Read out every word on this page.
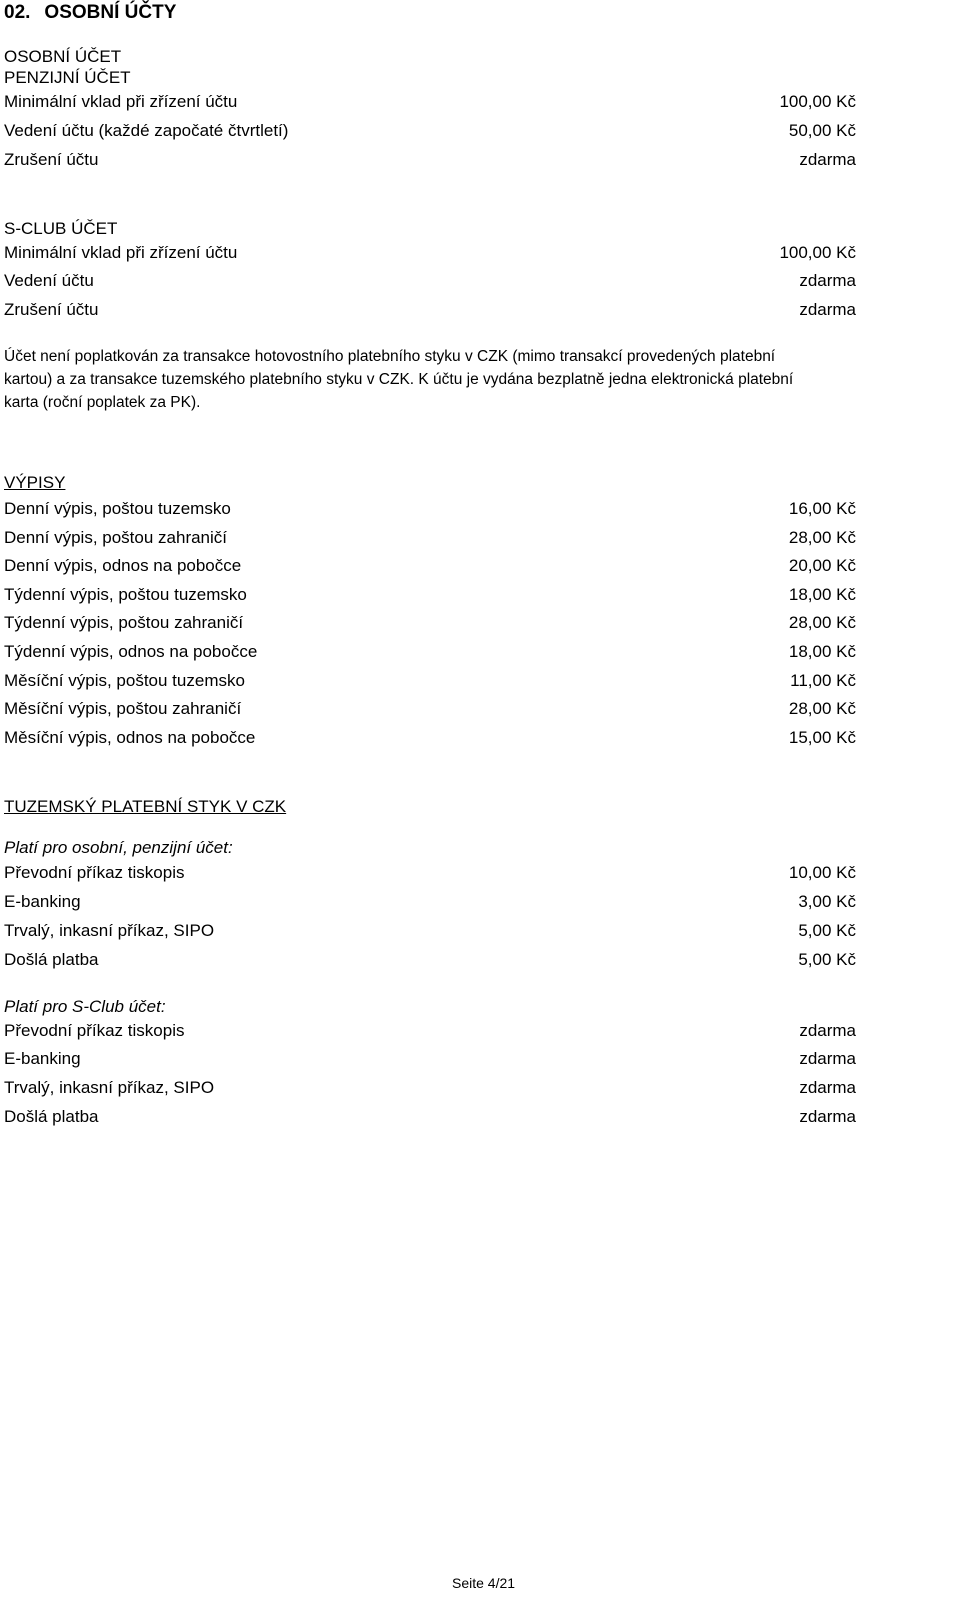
02. OSOBNÍ ÚČTY
OSOBNÍ ÚČET
PENZIJNÍ ÚČET
Minimální vklad při zřízení účtu	100,00 Kč
Vedení účtu (každé započaté čtvrtletí)	50,00 Kč
Zrušení účtu	zdarma
S-CLUB ÚČET
Minimální vklad při zřízení účtu	100,00 Kč
Vedení účtu	zdarma
Zrušení účtu	zdarma

Účet není poplatkován za transakce hotovostního platebního styku v CZK (mimo transakcí provedených platební

kartou) a za transakce tuzemského platebního styku v CZK. K účtu je vydána bezplatně jedna elektronická platební

karta (roční poplatek za PK).

VÝPISY
Denní výpis, poštou tuzemsko	16,00 Kč
Denní výpis, poštou zahraničí	28,00 Kč
Denní výpis, odnos na pobočce	20,00 Kč
Týdenní výpis, poštou tuzemsko	18,00 Kč
Týdenní výpis, poštou zahraničí	28,00 Kč
Týdenní výpis, odnos na pobočce	18,00 Kč
Měsíční výpis, poštou tuzemsko	11,00 Kč
Měsíční výpis, poštou zahraničí	28,00 Kč
Měsíční výpis, odnos na pobočce	15,00 Kč
TUZEMSKÝ PLATEBNÍ STYK V CZK
Platí pro osobní, penzijní účet:
Převodní příkaz tiskopis	10,00 Kč
E-banking	3,00 Kč
Trvalý, inkasní příkaz, SIPO	5,00 Kč
Došlá platba	5,00 Kč
Platí pro S-Club účet:
Převodní příkaz tiskopis	zdarma
E-banking	zdarma
Trvalý, inkasní příkaz, SIPO	zdarma
Došlá platba	zdarma
Seite 4/21
